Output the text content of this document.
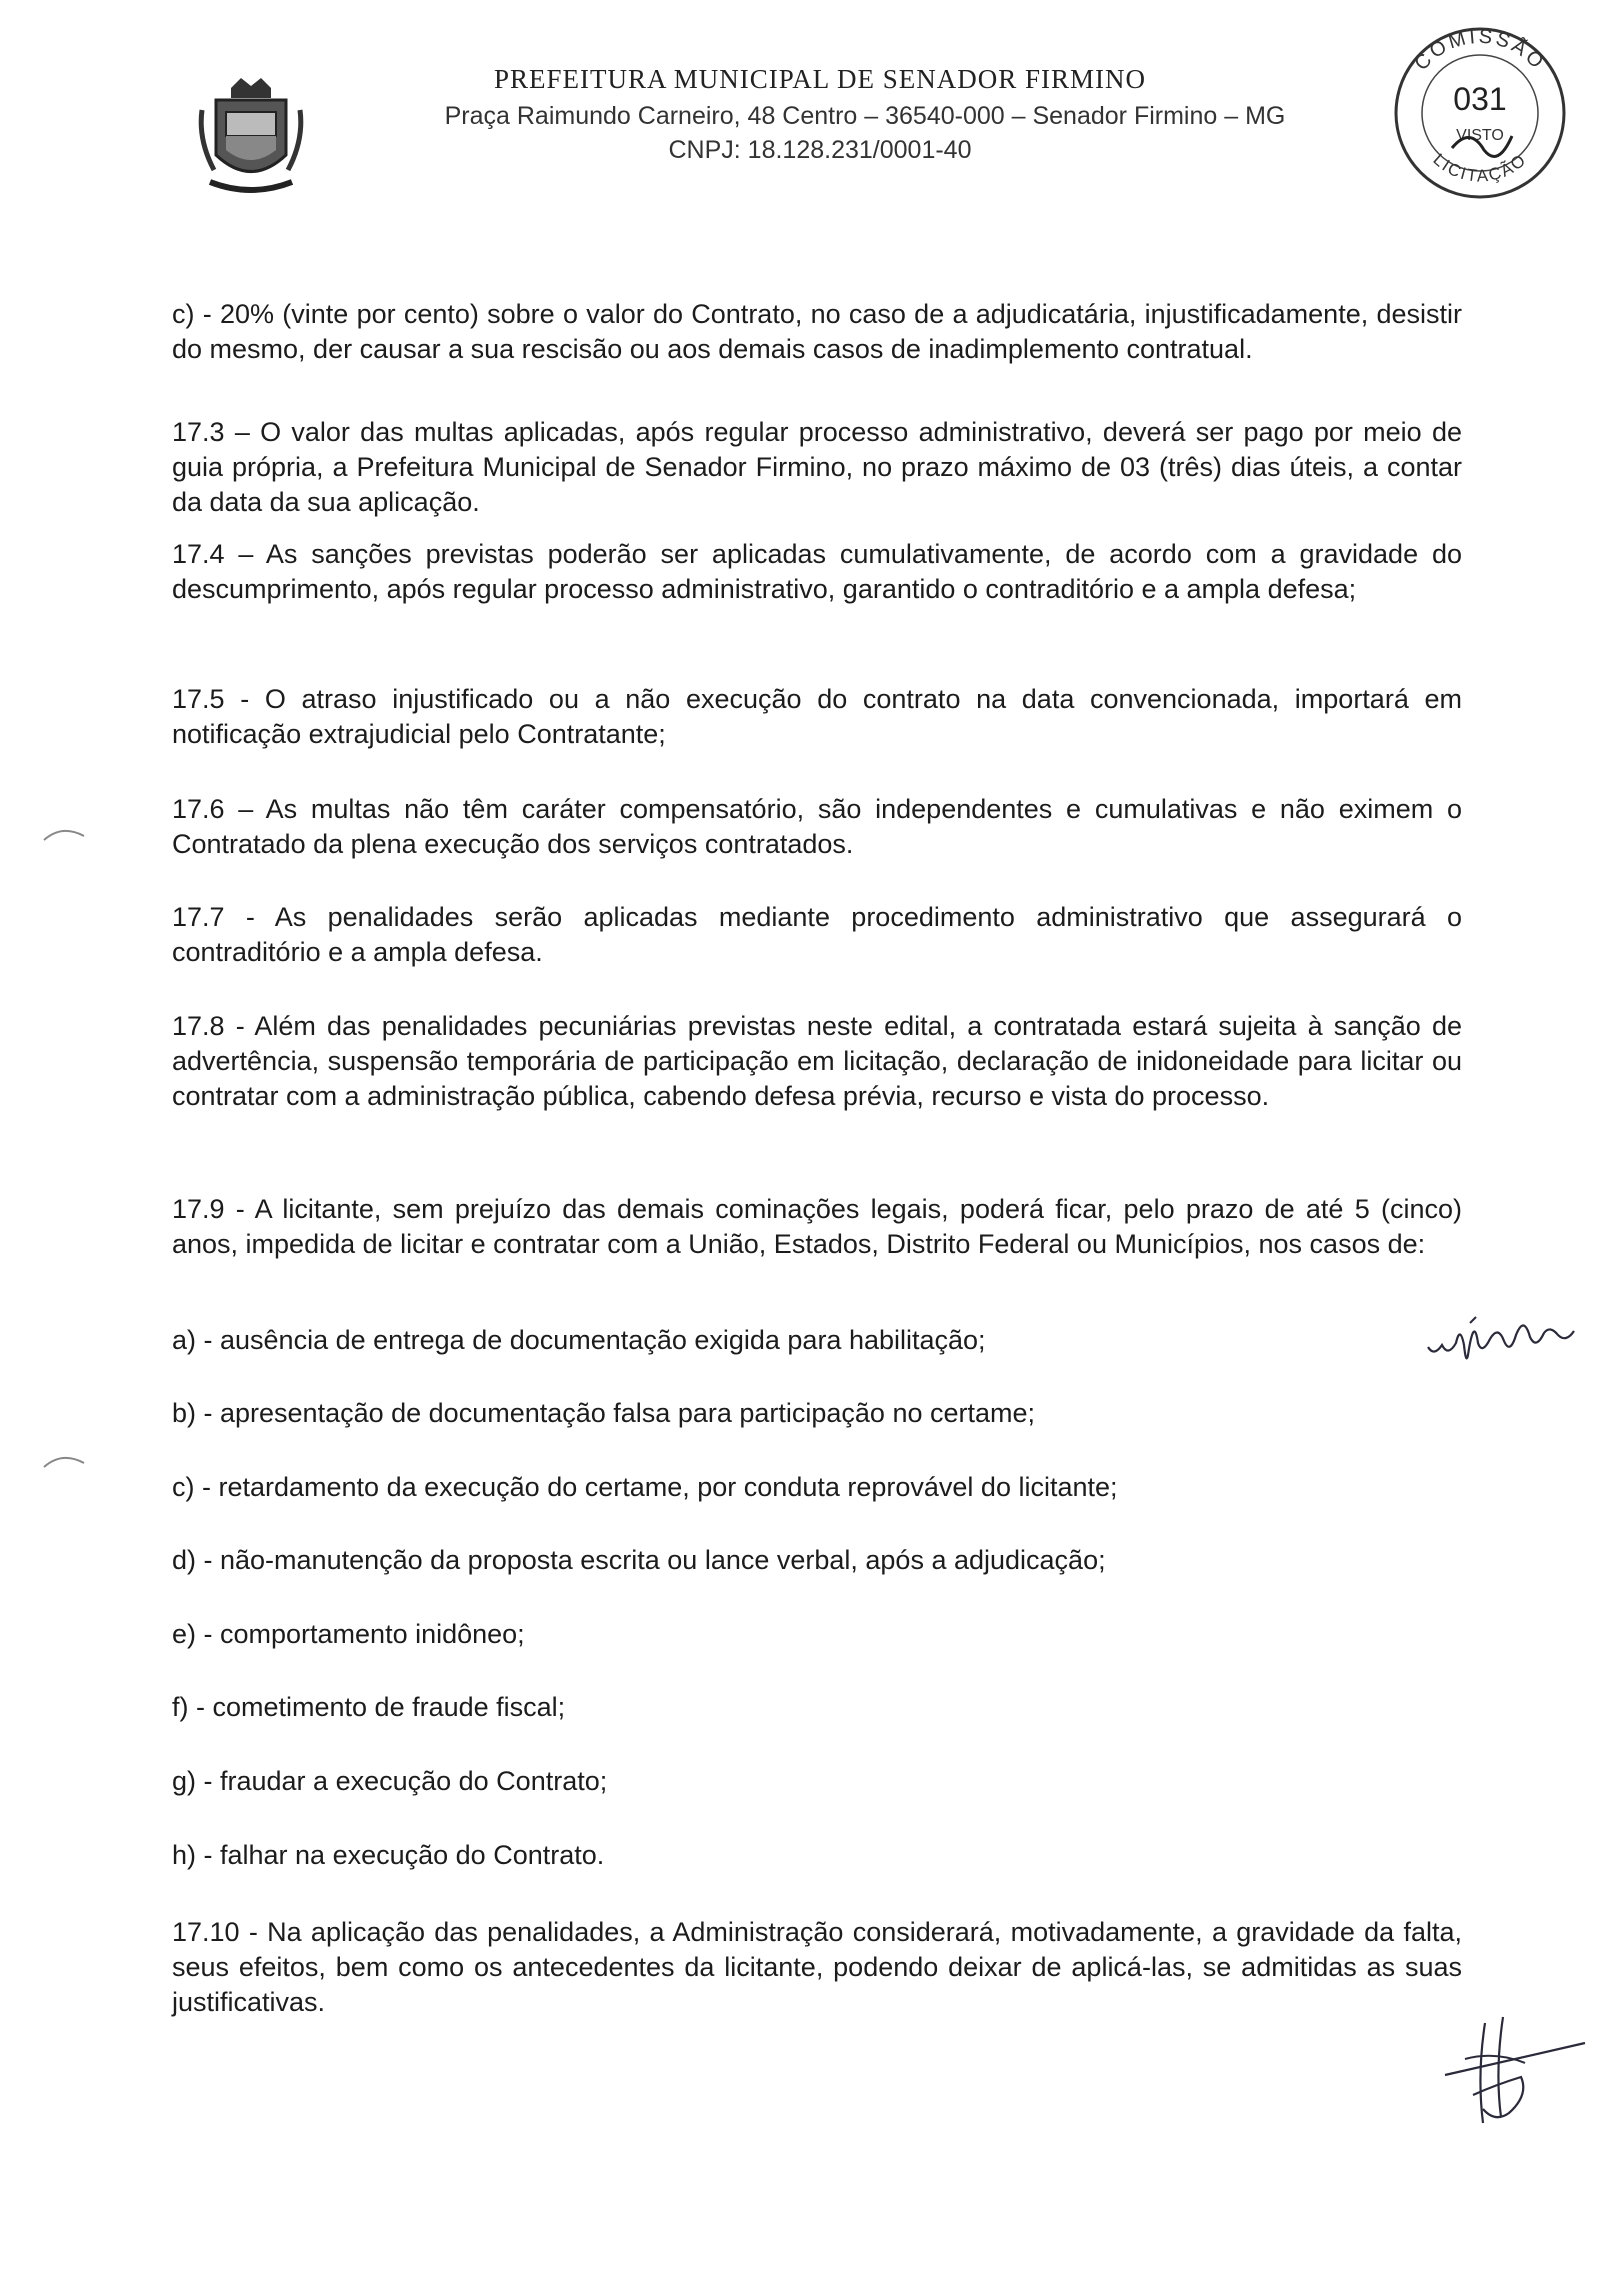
PREFEITURA MUNICIPAL DE SENADOR FIRMINO
Praça Raimundo Carneiro, 48 Centro – 36540-000 – Senador Firmino – MG
CNPJ: 18.128.231/0001-40
COMISSÃO
031
VISTO
LICITAÇÃO

c) - 20% (vinte por cento) sobre o valor do Contrato, no caso de a adjudicatária, injustificadamente, desistir do mesmo, der causar a sua rescisão ou aos demais casos de inadimplemento contratual.

17.3 – O valor das multas aplicadas, após regular processo administrativo, deverá ser pago por meio de guia própria, a Prefeitura Municipal de Senador Firmino, no prazo máximo de 03 (três) dias úteis, a contar da data da sua aplicação.

17.4 – As sanções previstas poderão ser aplicadas cumulativamente, de acordo com a gravidade do descumprimento, após regular processo administrativo, garantido o contraditório e a ampla defesa;

17.5 - O atraso injustificado ou a não execução do contrato na data convencionada, importará em notificação extrajudicial pelo Contratante;

17.6 – As multas não têm caráter compensatório, são independentes e cumulativas e não eximem o Contratado da plena execução dos serviços contratados.

17.7 - As penalidades serão aplicadas mediante procedimento administrativo que assegurará o contraditório e a ampla defesa.

17.8 - Além das penalidades pecuniárias previstas neste edital, a contratada estará sujeita à sanção de advertência, suspensão temporária de participação em licitação, declaração de inidoneidade para licitar ou contratar com a administração pública, cabendo defesa prévia, recurso e vista do processo.

17.9 - A licitante, sem prejuízo das demais cominações legais, poderá ficar, pelo prazo de até 5 (cinco) anos, impedida de licitar e contratar com a União, Estados, Distrito Federal ou Municípios, nos casos de:

a) - ausência de entrega de documentação exigida para habilitação;
b) - apresentação de documentação falsa para participação no certame;
c) - retardamento da execução do certame, por conduta reprovável do licitante;
d) - não-manutenção da proposta escrita ou lance verbal, após a adjudicação;
e) - comportamento inidôneo;
f) - cometimento de fraude fiscal;
g) - fraudar a execução do Contrato;
h) - falhar na execução do Contrato.

17.10 - Na aplicação das penalidades, a Administração considerará, motivadamente, a gravidade da falta, seus efeitos, bem como os antecedentes da licitante, podendo deixar de aplicá-las, se admitidas as suas justificativas.
